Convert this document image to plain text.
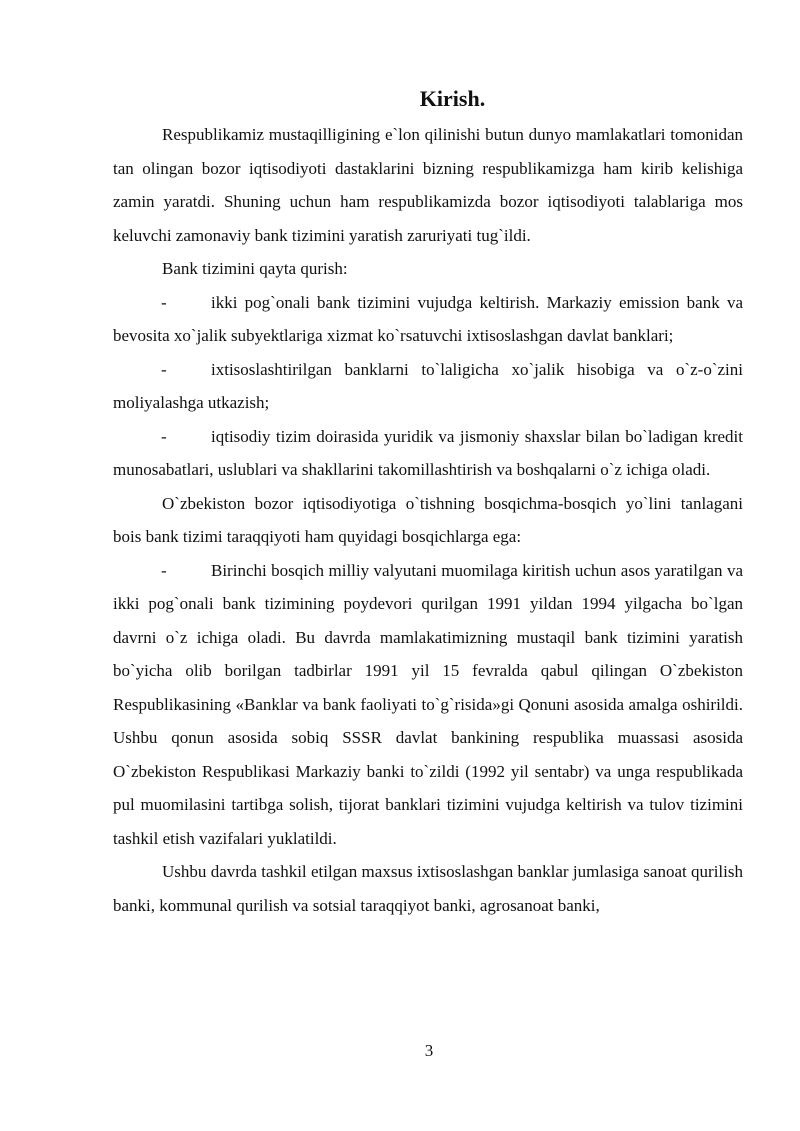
Kirish.

Respublikamiz mustaqilligining e`lon qilinishi butun dunyo mamlakatlari tomonidan tan olingan bozor iqtisodiyoti dastaklarini bizning respublikamizga ham kirib kelishiga zamin yaratdi. Shuning uchun ham respublikamizda bozor iqtisodiyoti talablariga mos keluvchi zamonaviy bank tizimini yaratish zaruriyati tug`ildi.

Bank tizimini qayta qurish:

-	ikki pog`onali bank tizimini vujudga keltirish. Markaziy emission bank va bevosita xo`jalik subyektlariga xizmat ko`rsatuvchi ixtisoslashgan davlat banklari;

-	ixtisoslashtirilgan banklarni to`laligicha xo`jalik hisobiga va o`z-o`zini moliyalashga utkazish;

-	iqtisodiy tizim doirasida yuridik va jismoniy shaxslar bilan bo`ladigan kredit munosabatlari, uslublari va shakllarini takomillashtirish va boshqalarni o`z ichiga oladi.

O`zbekiston bozor iqtisodiyotiga o`tishning bosqichma-bosqich yo`lini tanlagani bois bank tizimi taraqqiyoti ham quyidagi bosqichlarga ega:

-	Birinchi bosqich milliy valyutani muomilaga kiritish uchun asos yaratilgan va ikki pog`onali bank tizimining poydevori qurilgan 1991 yildan 1994 yilgacha bo`lgan davrni o`z ichiga oladi. Bu davrda mamlakatimizning mustaqil bank tizimini yaratish bo`yicha olib borilgan tadbirlar 1991 yil 15 fevralda qabul qilingan O`zbekiston Respublikasining «Banklar va bank faoliyati to`g`risida»gi Qonuni asosida amalga oshirildi. Ushbu qonun asosida sobiq SSSR davlat bankining respublika muassasi asosida O`zbekiston Respublikasi Markaziy banki to`zildi (1992 yil sentabr) va unga respublikada pul muomilasini tartibga solish, tijorat banklari tizimini vujudga keltirish va tulov tizimini tashkil etish vazifalari yuklatildi.

Ushbu davrda tashkil etilgan maxsus ixtisoslashgan banklar jumlasiga sanoat qurilish banki, kommunal qurilish va sotsial taraqqiyot banki, agrosanoat banki,

3
